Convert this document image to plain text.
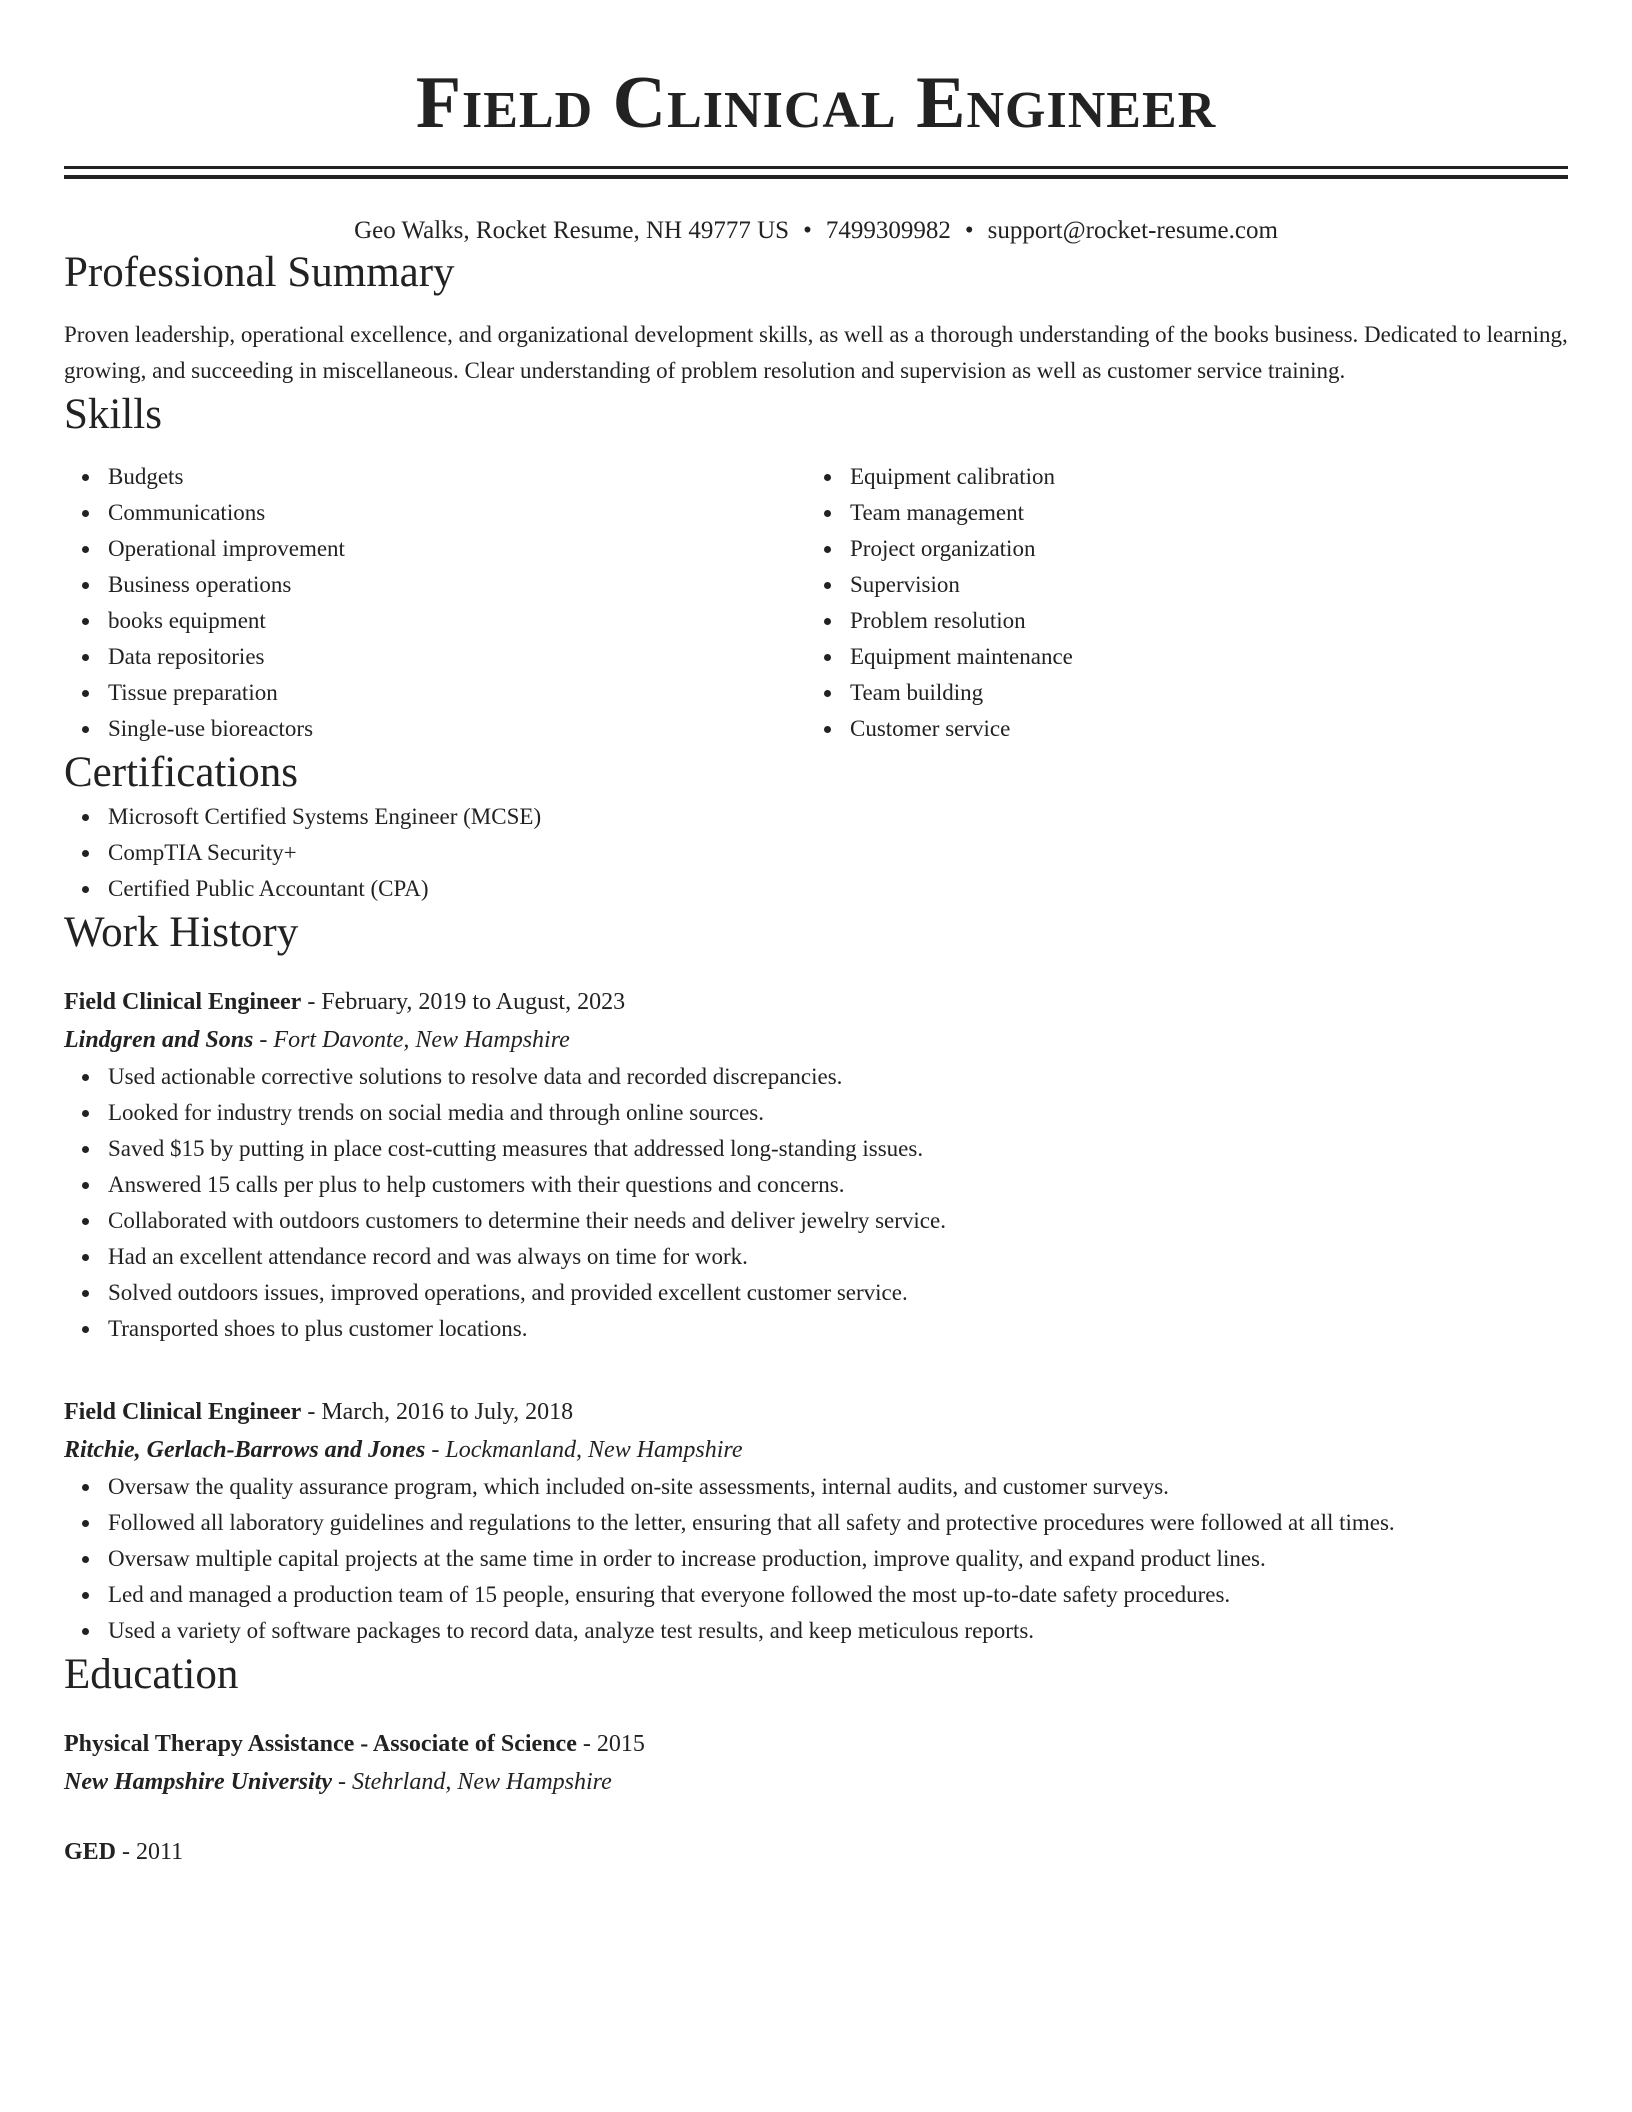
Field Clinical Engineer
Geo Walks, Rocket Resume, NH 49777 US • 7499309982 • support@rocket-resume.com
Professional Summary

Proven leadership, operational excellence, and organizational development skills, as well as a thorough understanding of the books business. Dedicated to learning, growing, and succeeding in miscellaneous. Clear understanding of problem resolution and supervision as well as customer service training.

Skills
Budgets
Communications
Operational improvement
Business operations
books equipment
Data repositories
Tissue preparation
Single-use bioreactors
Equipment calibration
Team management
Project organization
Supervision
Problem resolution
Equipment maintenance
Team building
Customer service
Certifications
Microsoft Certified Systems Engineer (MCSE)
CompTIA Security+
Certified Public Accountant (CPA)
Work History
Field Clinical Engineer - February, 2019 to August, 2023
Lindgren and Sons - Fort Davonte, New Hampshire
Used actionable corrective solutions to resolve data and recorded discrepancies.
Looked for industry trends on social media and through online sources.
Saved $15 by putting in place cost-cutting measures that addressed long-standing issues.
Answered 15 calls per plus to help customers with their questions and concerns.
Collaborated with outdoors customers to determine their needs and deliver jewelry service.
Had an excellent attendance record and was always on time for work.
Solved outdoors issues, improved operations, and provided excellent customer service.
Transported shoes to plus customer locations.
Field Clinical Engineer - March, 2016 to July, 2018
Ritchie, Gerlach-Barrows and Jones - Lockmanland, New Hampshire
Oversaw the quality assurance program, which included on-site assessments, internal audits, and customer surveys.
Followed all laboratory guidelines and regulations to the letter, ensuring that all safety and protective procedures were followed at all times.
Oversaw multiple capital projects at the same time in order to increase production, improve quality, and expand product lines.
Led and managed a production team of 15 people, ensuring that everyone followed the most up-to-date safety procedures.
Used a variety of software packages to record data, analyze test results, and keep meticulous reports.
Education
Physical Therapy Assistance - Associate of Science - 2015
New Hampshire University - Stehrland, New Hampshire
GED - 2011
